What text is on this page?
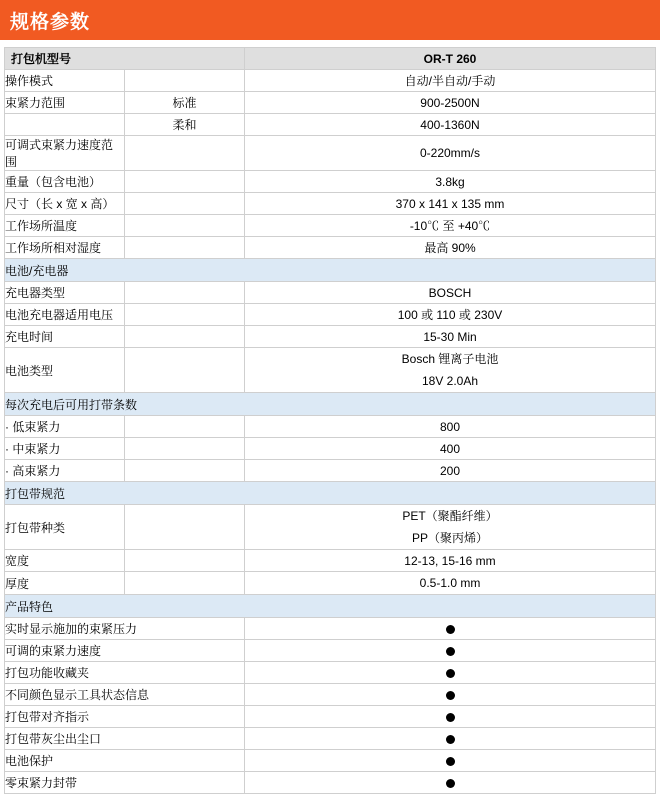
规格参数
打包机型号		OR-T 260
操作模式		自动/半自动/手动
束紧力范围	标准	900-2500N
	柔和	400-1360N
可调式束紧力速度范围		0-220mm/s
重量（包含电池）		3.8kg
尺寸（长 x 宽 x 高）		370 x 141 x 135 mm
工作场所温度		-10℃ 至 +40℃
工作场所相对湿度		最高 90%
电池/充电器		
充电器类型		BOSCH
电池充电器适用电压		100 或 110 或 230V
充电时间		15-30 Min
电池类型		Bosch 锂离子电池
18V 2.0Ah

每次充电后可用打带条数		
· 低束紧力		800
· 中束紧力		400
· 高束紧力		200
打包带规范		
打包带种类		PET（聚酯纤维）
PP（聚丙烯）

宽度		12-13, 15-16 mm
厚度		0.5-1.0 mm

产品特色		
实时显示施加的束紧压力		
可调的束紧力速度		
打包功能收藏夹		
不同颜色显示工具状态信息		
打包带对齐指示		
打包带灰尘出尘口		
电池保护		
零束紧力封带		
